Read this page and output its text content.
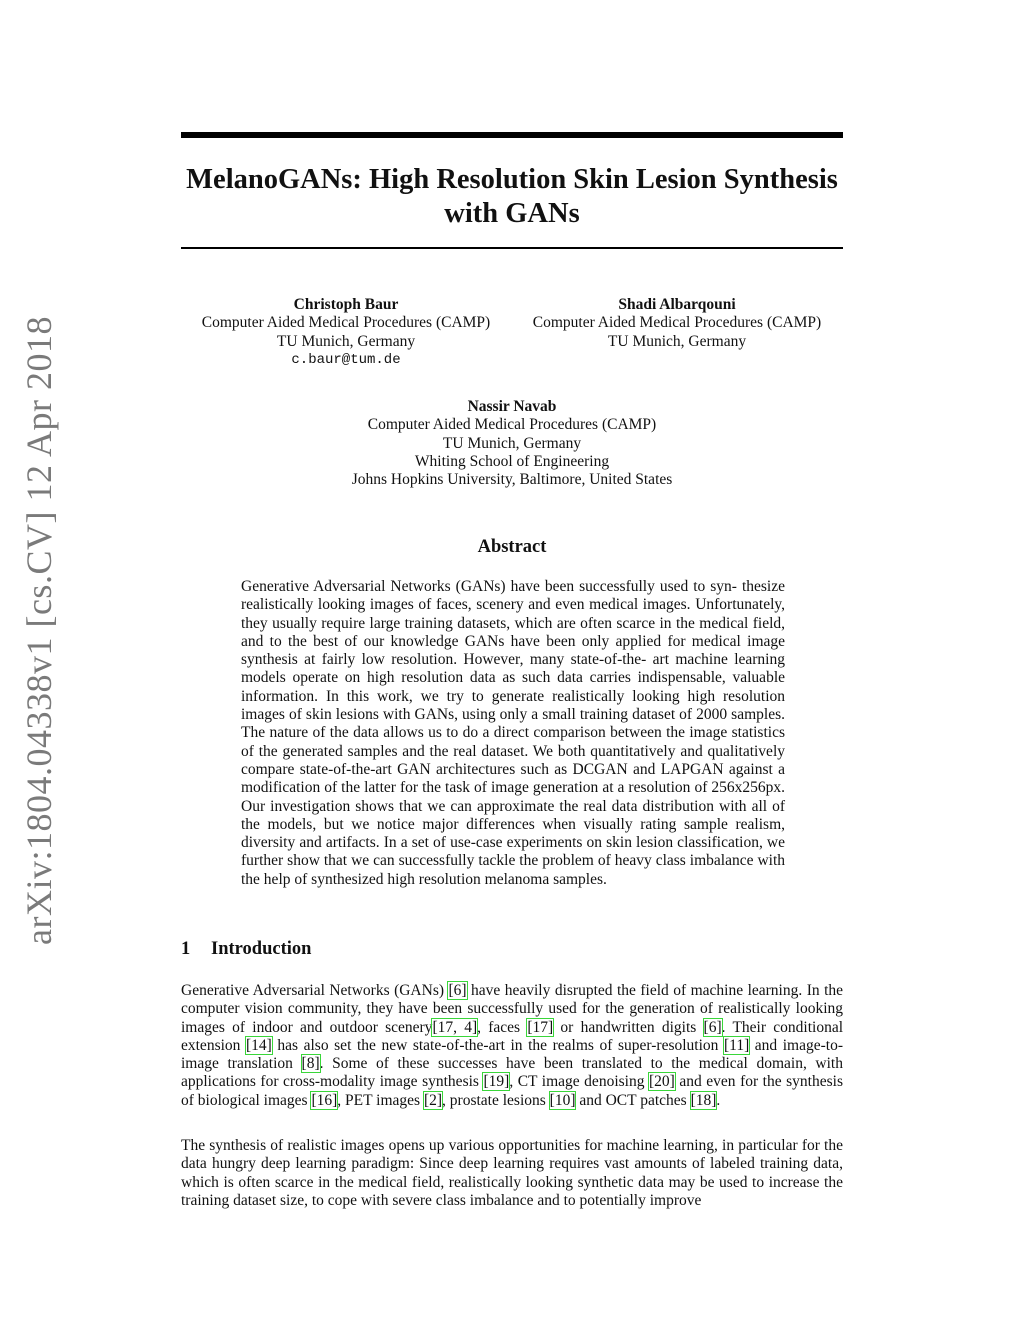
arXiv:1804.04338v1 [cs.CV] 12 Apr 2018
MelanoGANs: High Resolution Skin Lesion Synthesis
with GANs
Christoph Baur
Computer Aided Medical Procedures (CAMP)
TU Munich, Germany
c.baur@tum.de
Shadi Albarqouni
Computer Aided Medical Procedures (CAMP)
TU Munich, Germany
Nassir Navab
Computer Aided Medical Procedures (CAMP)
TU Munich, Germany
Whiting School of Engineering
Johns Hopkins University, Baltimore, United States
Abstract

Generative Adversarial Networks (GANs) have been successfully used to syn- thesize realistically looking images of faces, scenery and even medical images. Unfortunately, they usually require large training datasets, which are often scarce in the medical field, and to the best of our knowledge GANs have been only applied for medical image synthesis at fairly low resolution. However, many state-of-the- art machine learning models operate on high resolution data as such data carries indispensable, valuable information. In this work, we try to generate realistically looking high resolution images of skin lesions with GANs, using only a small training dataset of 2000 samples. The nature of the data allows us to do a direct comparison between the image statistics of the generated samples and the real dataset. We both quantitatively and qualitatively compare state-of-the-art GAN architectures such as DCGAN and LAPGAN against a modification of the latter for the task of image generation at a resolution of 256x256px. Our investigation shows that we can approximate the real data distribution with all of the models, but we notice major differences when visually rating sample realism, diversity and artifacts. In a set of use-case experiments on skin lesion classification, we further show that we can successfully tackle the problem of heavy class imbalance with the help of synthesized high resolution melanoma samples.

1 Introduction

Generative Adversarial Networks (GANs) [6] have heavily disrupted the field of machine learning. In the computer vision community, they have been successfully used for the generation of realistically looking images of indoor and outdoor scenery[17, 4], faces [17] or handwritten digits [6]. Their conditional extension [14] has also set the new state-of-the-art in the realms of super-resolution [11] and image-to-image translation [8]. Some of these successes have been translated to the medical domain, with applications for cross-modality image synthesis [19], CT image denoising [20] and even for the synthesis of biological images [16], PET images [2], prostate lesions [10] and OCT patches [18].

The synthesis of realistic images opens up various opportunities for machine learning, in particular for the data hungry deep learning paradigm: Since deep learning requires vast amounts of labeled training data, which is often scarce in the medical field, realistically looking synthetic data may be used to increase the training dataset size, to cope with severe class imbalance and to potentially improve
